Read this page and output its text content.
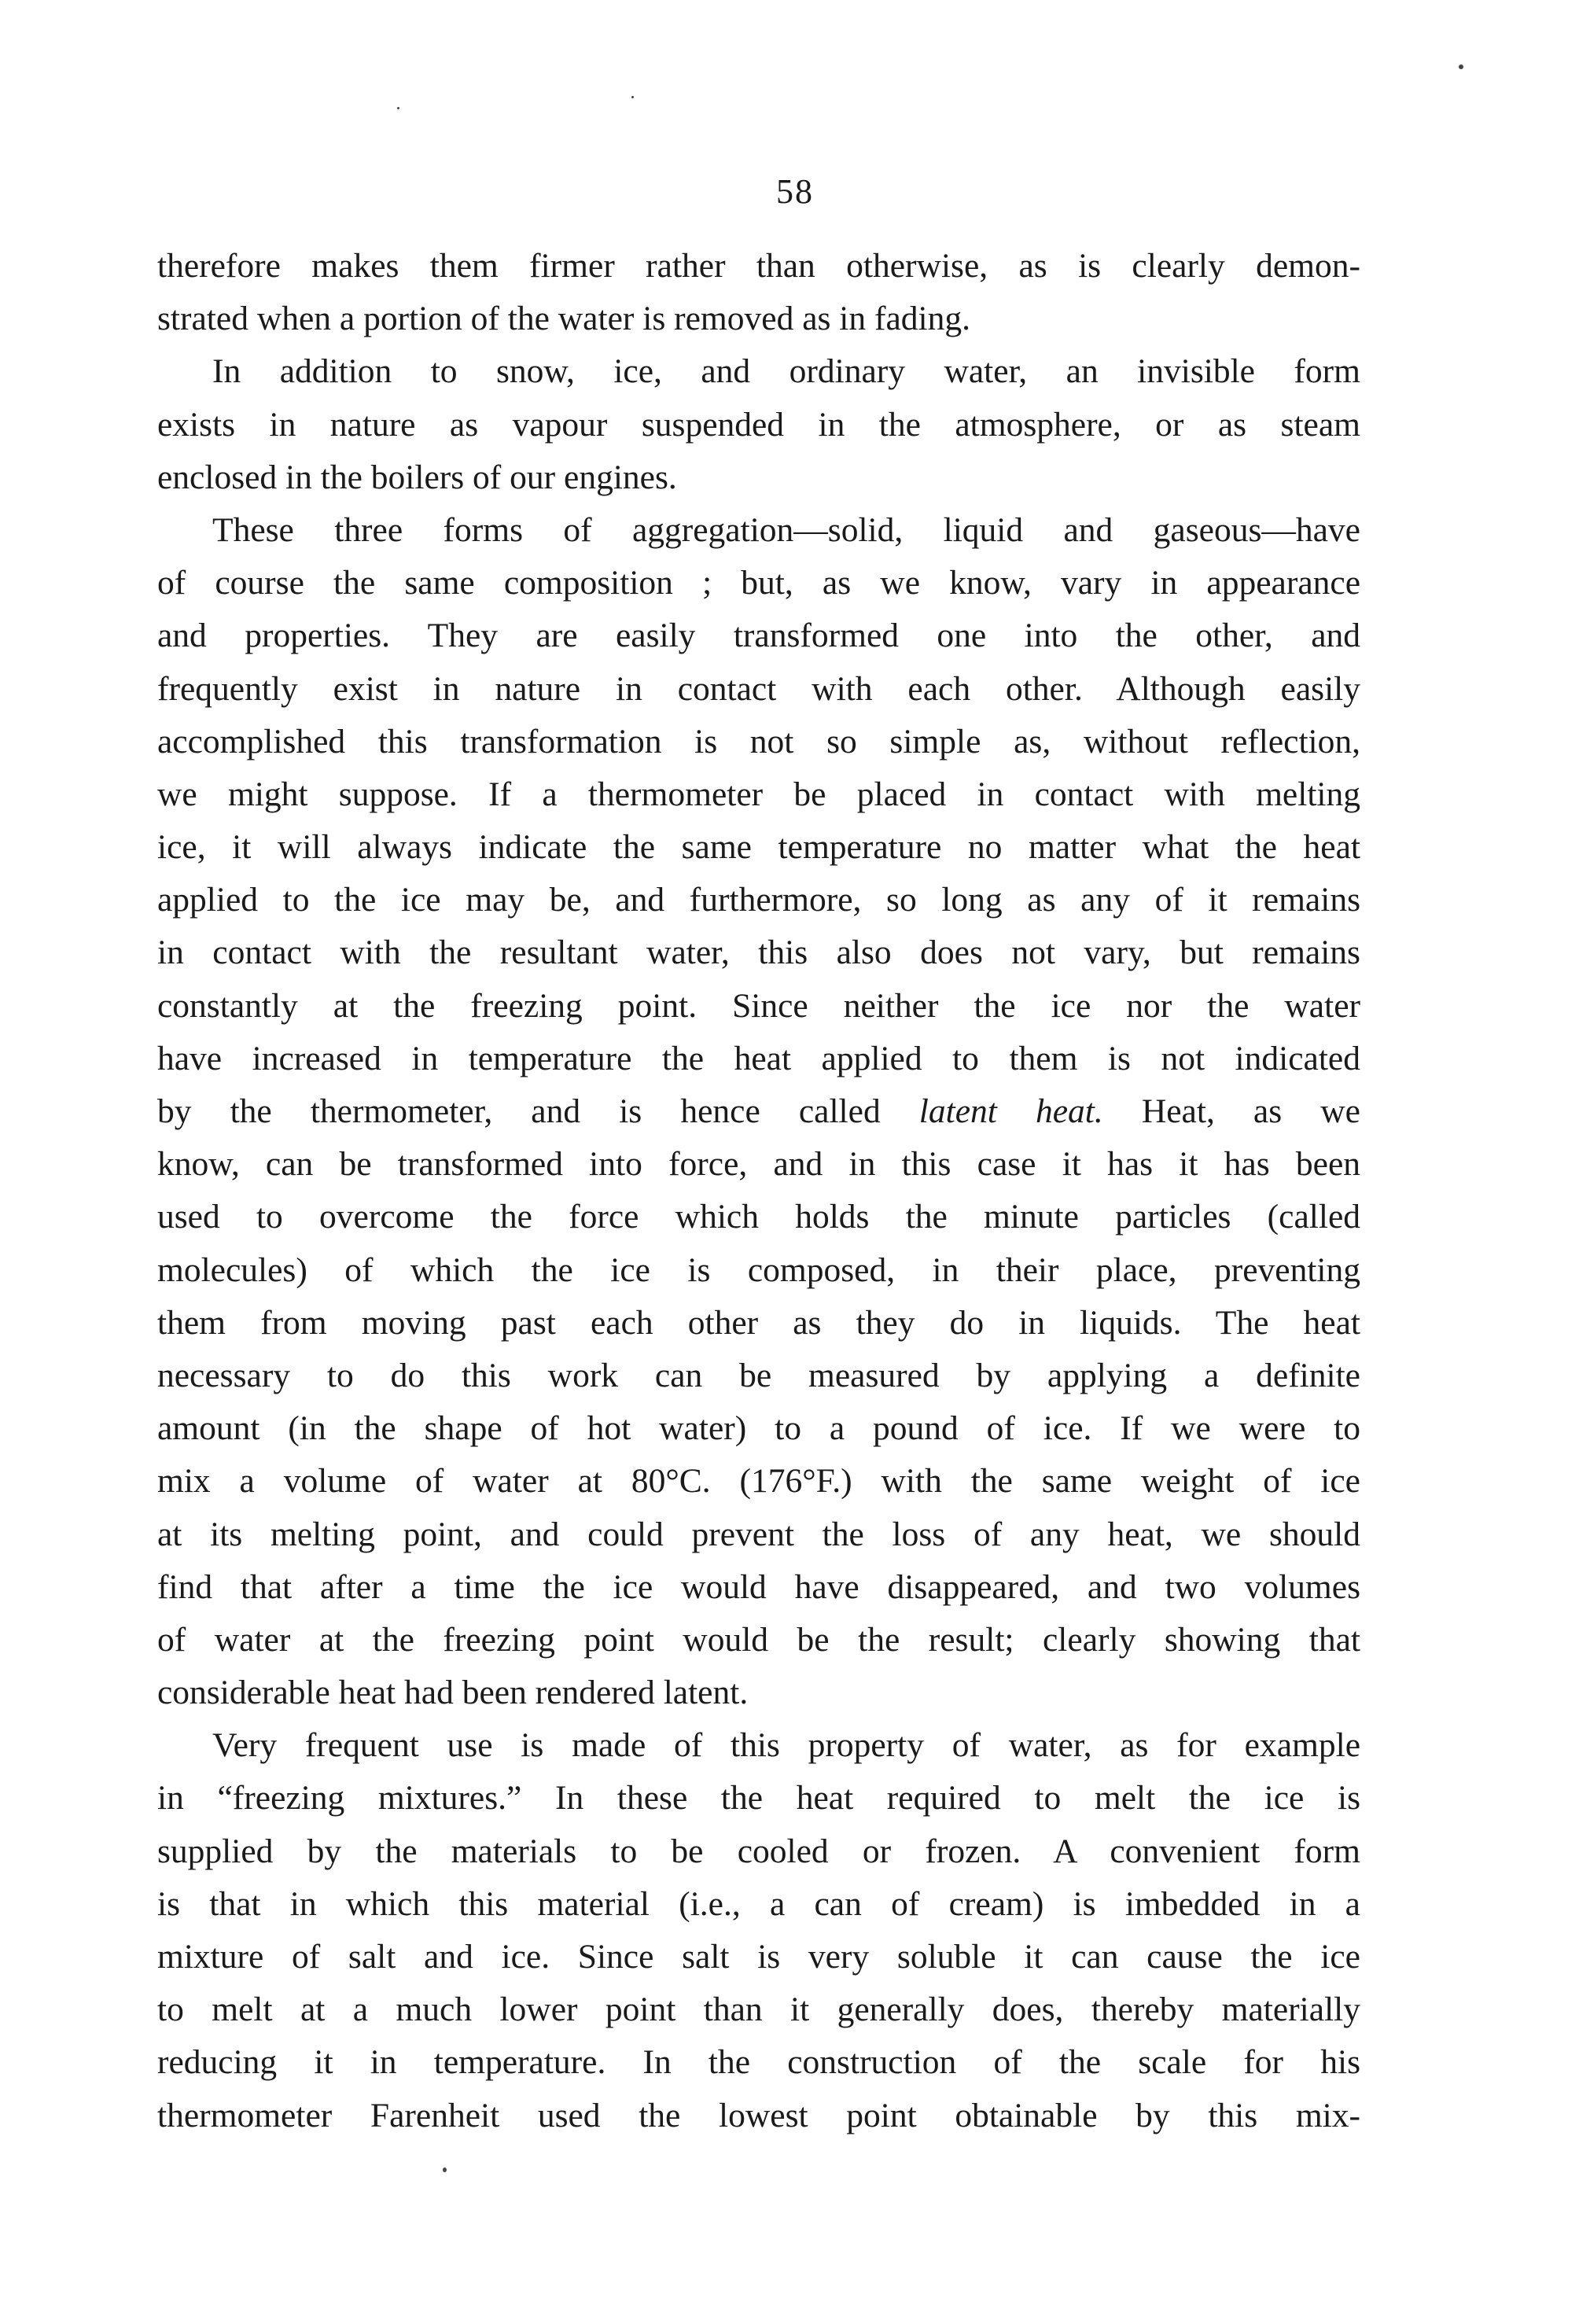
58
therefore makes them firmer rather than otherwise, as is clearly demon-
strated when a portion of the water is removed as in fading.
In addition to snow, ice, and ordinary water, an invisible form
exists in nature as vapour suspended in the atmosphere, or as steam
enclosed in the boilers of our engines.
These three forms of aggregation—solid, liquid and gaseous—have
of course the same composition ; but, as we know, vary in appearance
and properties. They are easily transformed one into the other, and
frequently exist in nature in contact with each other. Although easily
accomplished this transformation is not so simple as, without reflection,
we might suppose. If a thermometer be placed in contact with melting
ice, it will always indicate the same temperature no matter what the heat
applied to the ice may be, and furthermore, so long as any of it remains
in contact with the resultant water, this also does not vary, but remains
constantly at the freezing point. Since neither the ice nor the water
have increased in temperature the heat applied to them is not indicated
by the thermometer, and is hence called latent heat. Heat, as we
know, can be transformed into force, and in this case it has it has been
used to overcome the force which holds the minute particles (called
molecules) of which the ice is composed, in their place, preventing
them from moving past each other as they do in liquids. The heat
necessary to do this work can be measured by applying a definite
amount (in the shape of hot water) to a pound of ice. If we were to
mix a volume of water at 80°C. (176°F.) with the same weight of ice
at its melting point, and could prevent the loss of any heat, we should
find that after a time the ice would have disappeared, and two volumes
of water at the freezing point would be the result; clearly showing that
considerable heat had been rendered latent.
Very frequent use is made of this property of water, as for example
in “freezing mixtures.” In these the heat required to melt the ice is
supplied by the materials to be cooled or frozen. A convenient form
is that in which this material (i.e., a can of cream) is imbedded in a
mixture of salt and ice. Since salt is very soluble it can cause the ice
to melt at a much lower point than it generally does, thereby materially
reducing it in temperature. In the construction of the scale for his
thermometer Farenheit used the lowest point obtainable by this mix-
